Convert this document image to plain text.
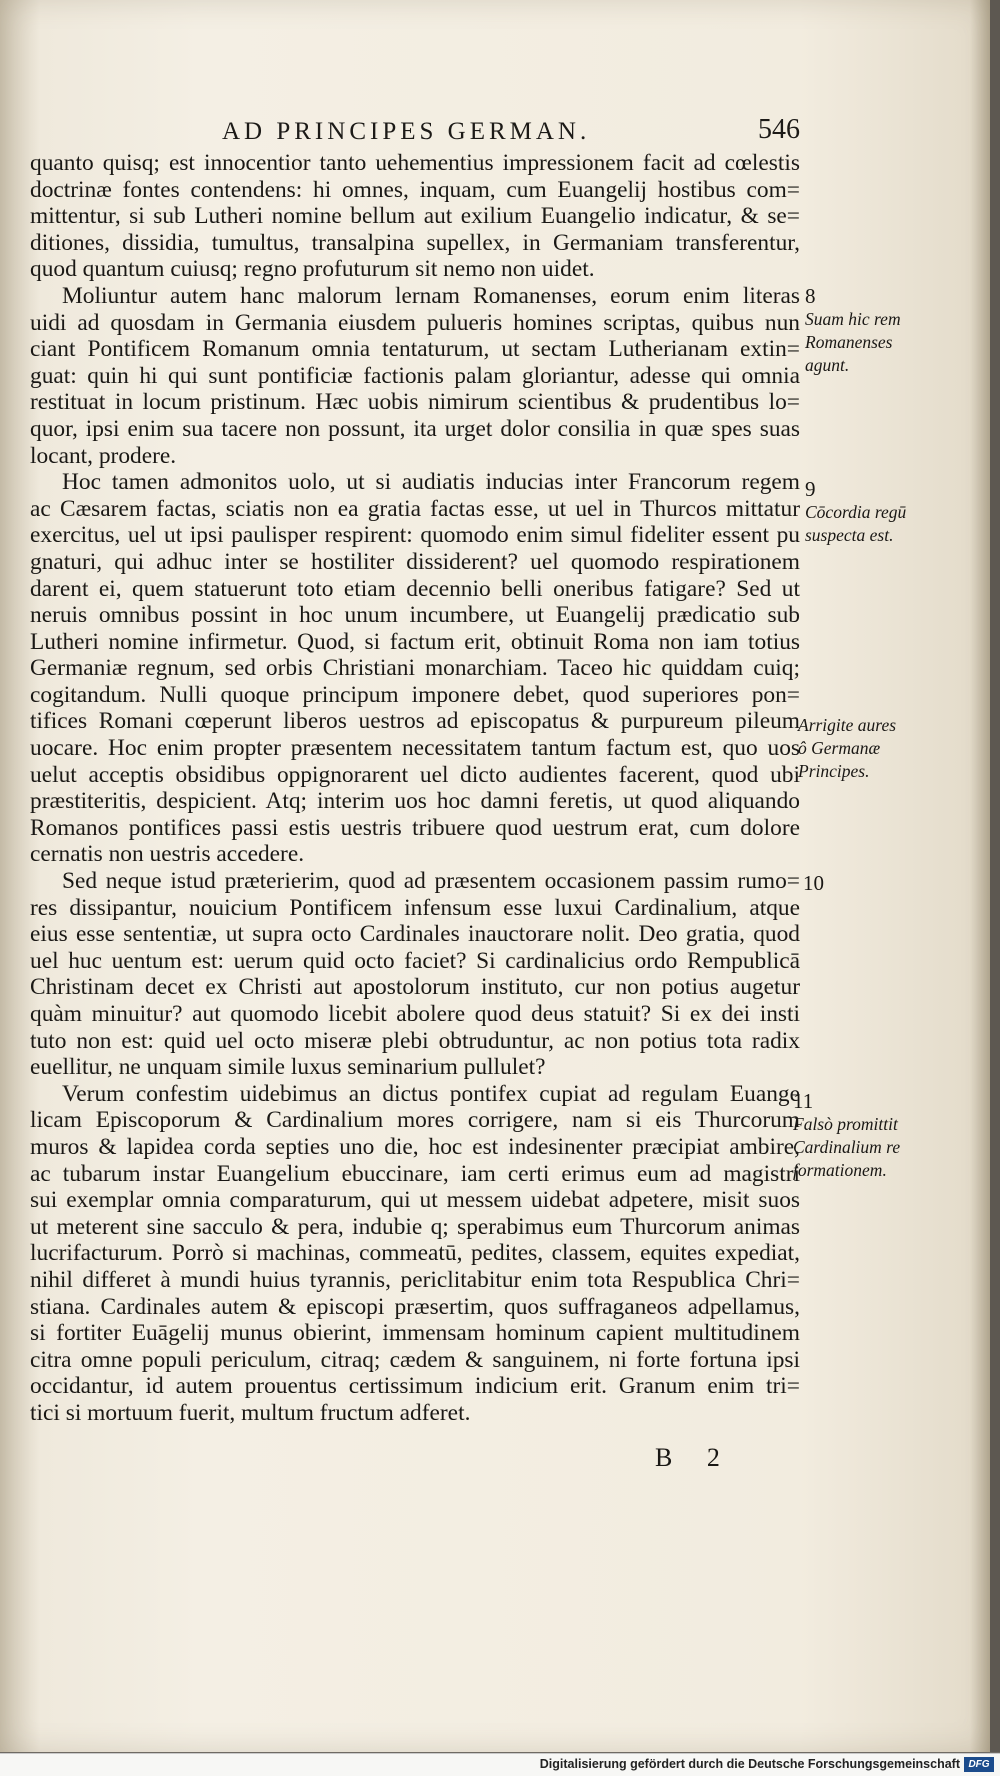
AD PRINCIPES GERMAN.	546
quanto quisq; est innocentior tanto uehementius impressionem facit ad cœlestis
doctrinæ fontes contendens: hi omnes, inquam, cum Euangelij hostibus com=
mittentur, si sub Lutheri nomine bellum aut exilium Euangelio indicatur, & se=
ditiones, dissidia, tumultus, transalpina supellex, in Germaniam transferentur,
quod quantum cuiusq; regno profuturum sit nemo non uidet.
Moliuntur autem hanc malorum lernam Romanenses, eorum enim literas
uidi ad quosdam in Germania eiusdem pulueris homines scriptas, quibus nun
ciant Pontificem Romanum omnia tentaturum, ut sectam Lutherianam extin=
guat: quin hi qui sunt pontificiæ factionis palam gloriantur, adesse qui omnia
restituat in locum pristinum. Hæc uobis nimirum scientibus & prudentibus lo=
quor, ipsi enim sua tacere non possunt, ita urget dolor consilia in quæ spes suas
locant, prodere.
Hoc tamen admonitos uolo, ut si audiatis inducias inter Francorum regem
ac Cæsarem factas, sciatis non ea gratia factas esse, ut uel in Thurcos mittatur
exercitus, uel ut ipsi paulisper respirent: quomodo enim simul fideliter essent pu
gnaturi, qui adhuc inter se hostiliter dissiderent? uel quomodo respirationem
darent ei, quem statuerunt toto etiam decennio belli oneribus fatigare? Sed ut
neruis omnibus possint in hoc unum incumbere, ut Euangelij prædicatio sub
Lutheri nomine infirmetur. Quod, si factum erit, obtinuit Roma non iam totius
Germaniæ regnum, sed orbis Christiani monarchiam. Taceo hic quiddam cuiq;
cogitandum. Nulli quoque principum imponere debet, quod superiores pon=
tifices Romani cœperunt liberos uestros ad episcopatus & purpureum pileum
uocare. Hoc enim propter præsentem necessitatem tantum factum est, quo uos
uelut acceptis obsidibus oppignorarent uel dicto audientes facerent, quod ubi
præstiteritis, despicient. Atq; interim uos hoc damni feretis, ut quod aliquando
Romanos pontifices passi estis uestris tribuere quod uestrum erat, cum dolore
cernatis non uestris accedere.
Sed neque istud præterierim, quod ad præsentem occasionem passim rumo=
res dissipantur, nouicium Pontificem infensum esse luxui Cardinalium, atque
eius esse sententiæ, ut supra octo Cardinales inauctorare nolit. Deo gratia, quod
uel huc uentum est: uerum quid octo faciet? Si cardinalicius ordo Rempublicā
Christinam decet ex Christi aut apostolorum instituto, cur non potius augetur
quàm minuitur? aut quomodo licebit abolere quod deus statuit? Si ex dei insti
tuto non est: quid uel octo miseræ plebi obtruduntur, ac non potius tota radix
euellitur, ne unquam simile luxus seminarium pullulet?
Verum confestim uidebimus an dictus pontifex cupiat ad regulam Euange
licam Episcoporum & Cardinalium mores corrigere, nam si eis Thurcorum
muros & lapidea corda septies uno die, hoc est indesinenter præcipiat ambire,
ac tubarum instar Euangelium ebuccinare, iam certi erimus eum ad magistri
sui exemplar omnia comparaturum, qui ut messem uidebat adpetere, misit suos
ut meterent sine sacculo & pera, indubie q; sperabimus eum Thurcorum animas
lucrifacturum. Porrò si machinas, commeatū, pedites, classem, equites expediat,
nihil differet à mundi huius tyrannis, periclitabitur enim tota Respublica Chri=
stiana. Cardinales autem & episcopi præsertim, quos suffraganeos adpellamus,
si fortiter Euāgelij munus obierint, immensam hominum capient multitudinem
citra omne populi periculum, citraq; cædem & sanguinem, ni forte fortuna ipsi
occidantur, id autem prouentus certissimum indicium erit. Granum enim tri=
tici si mortuum fuerit, multum fructum adferet.
8
Suam hic rem
Romanenses
agunt.
9
Cōcordia regū
suspecta est.
Arrigite aures
ô Germanæ
Principes.
10
11
Falsò promittit
Cardinalium re
formationem.
B 2
Digitalisierung gefördert durch die Deutsche Forschungsgemeinschaft DFG
